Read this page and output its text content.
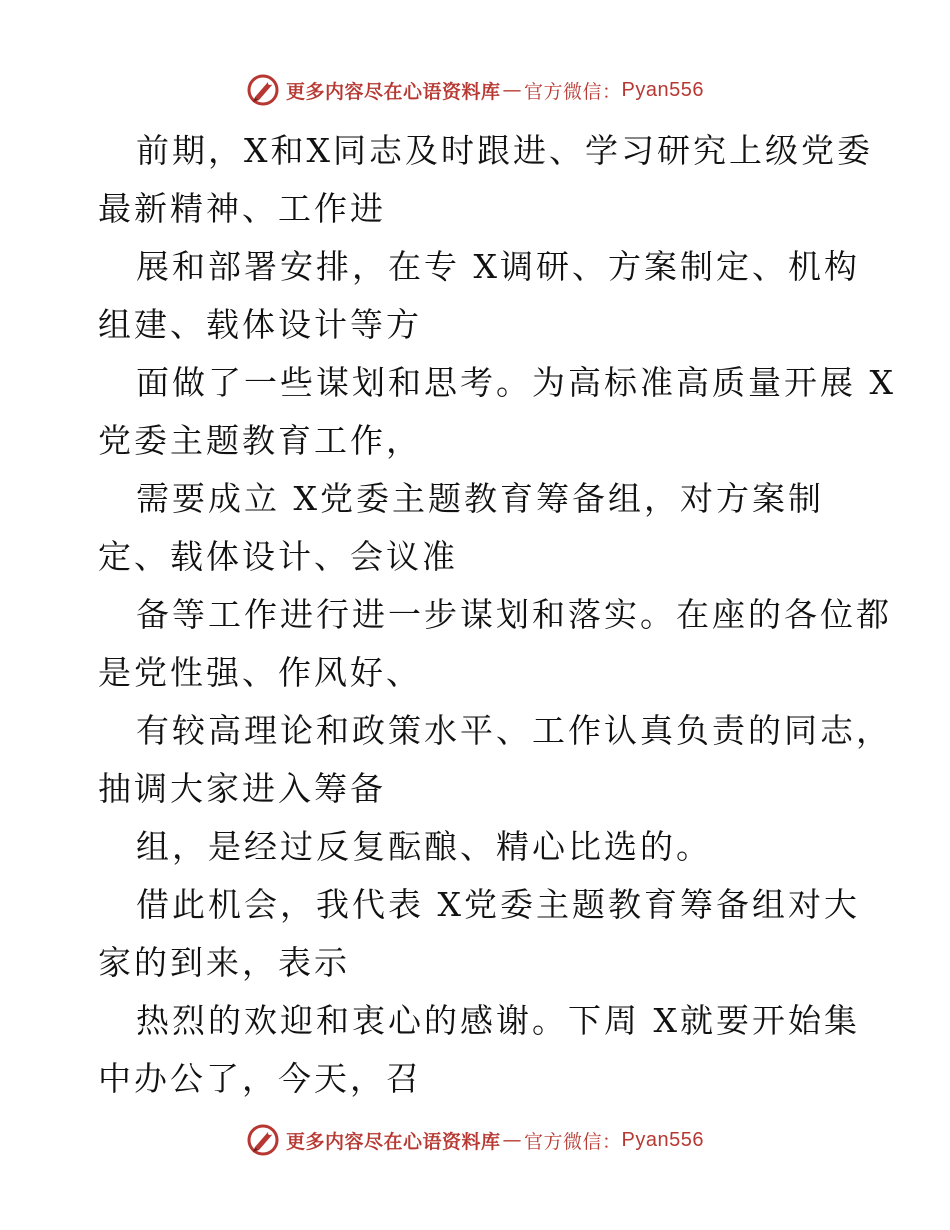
更多内容尽在心语资料库 — 官方微信： Pyan556
前期，X和X同志及时跟进、学习研究上级党委
最新精神、工作进
展和部署安排，在专 X调研、方案制定、机构
组建、载体设计等方
面做了一些谋划和思考。为高标准高质量开展 X
党委主题教育工作，
需要成立 X党委主题教育筹备组，对方案制
定、载体设计、会议准
备等工作进行进一步谋划和落实。在座的各位都
是党性强、作风好、
有较高理论和政策水平、工作认真负责的同志，
抽调大家进入筹备
组，是经过反复酝酿、精心比选的。
借此机会，我代表 X党委主题教育筹备组对大
家的到来，表示
热烈的欢迎和衷心的感谢。下周 X就要开始集
中办公了，今天，召
更多内容尽在心语资料库 — 官方微信： Pyan556
